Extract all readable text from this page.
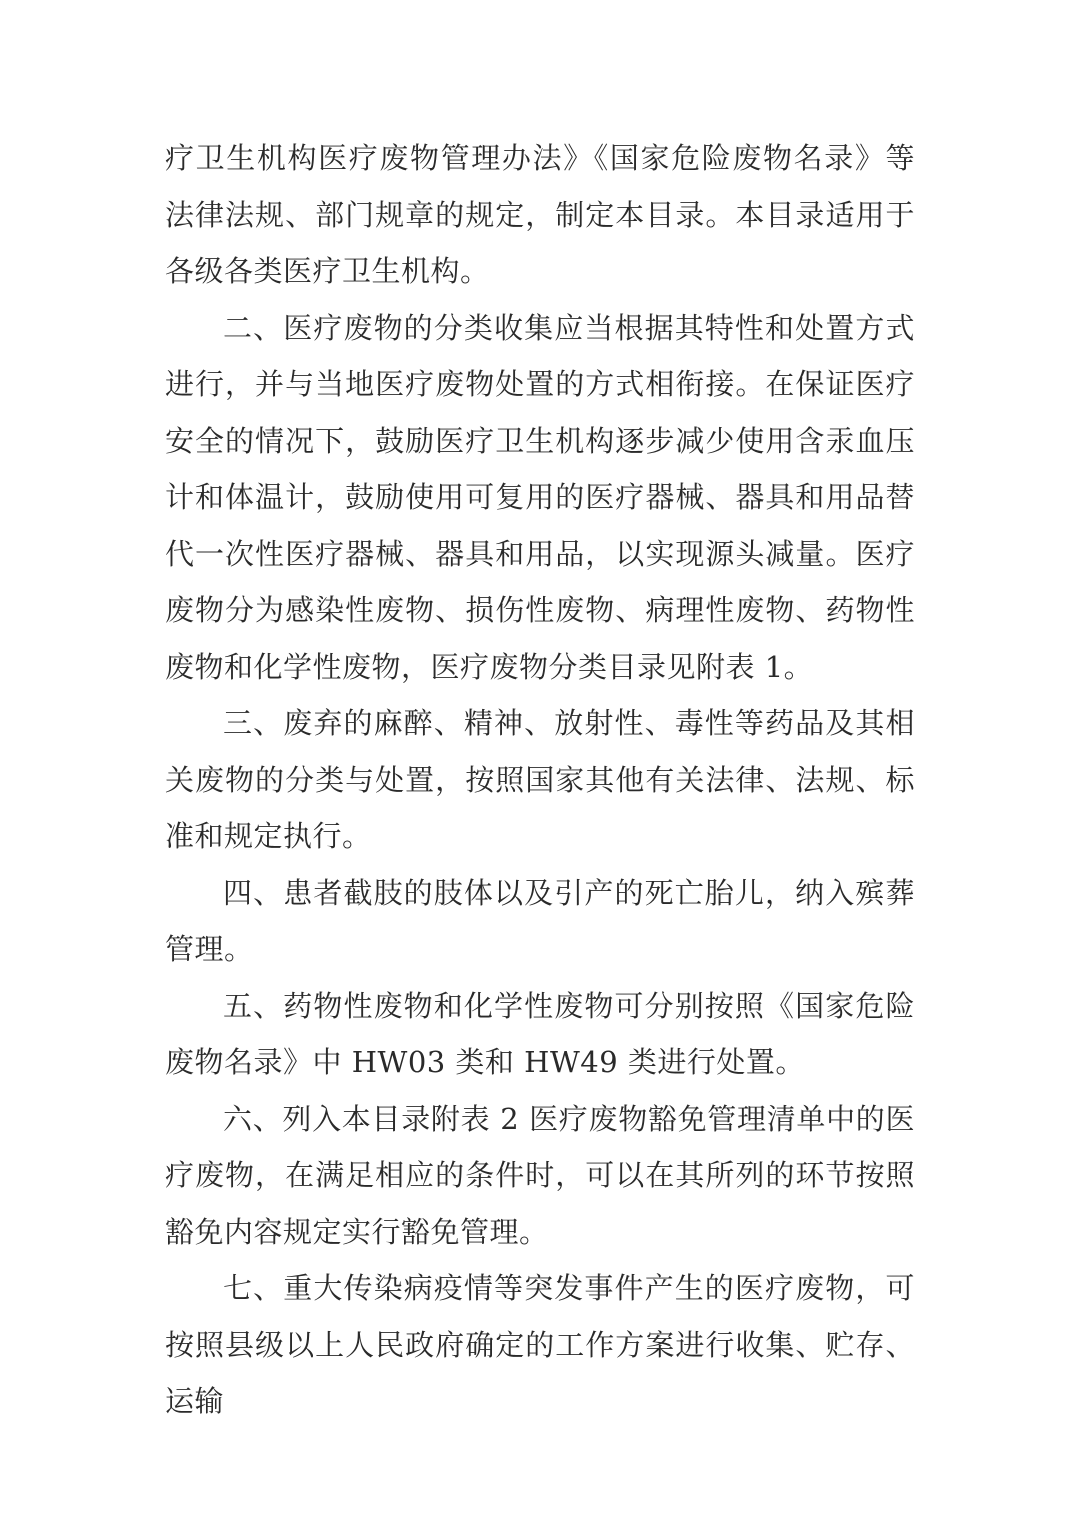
疗卫生机构医疗废物管理办法》《国家危险废物名录》等法律法规、部门规章的规定，制定本目录。本目录适用于各级各类医疗卫生机构。

二、医疗废物的分类收集应当根据其特性和处置方式进行，并与当地医疗废物处置的方式相衔接。在保证医疗安全的情况下，鼓励医疗卫生机构逐步减少使用含汞血压计和体温计，鼓励使用可复用的医疗器械、器具和用品替代一次性医疗器械、器具和用品，以实现源头减量。医疗废物分为感染性废物、损伤性废物、病理性废物、药物性废物和化学性废物，医疗废物分类目录见附表 1。

三、废弃的麻醉、精神、放射性、毒性等药品及其相关废物的分类与处置，按照国家其他有关法律、法规、标准和规定执行。

四、患者截肢的肢体以及引产的死亡胎儿，纳入殡葬管理。

五、药物性废物和化学性废物可分别按照《国家危险废物名录》中 HW03 类和 HW49 类进行处置。

六、列入本目录附表 2 医疗废物豁免管理清单中的医疗废物，在满足相应的条件时，可以在其所列的环节按照豁免内容规定实行豁免管理。

七、重大传染病疫情等突发事件产生的医疗废物，可按照县级以上人民政府确定的工作方案进行收集、贮存、运输
